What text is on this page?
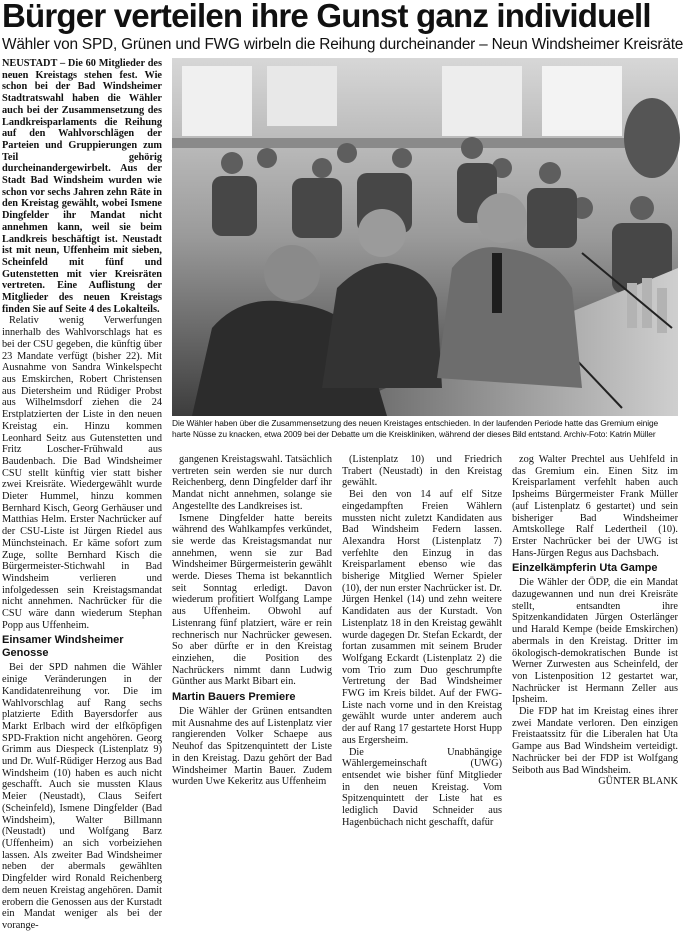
Bürger verteilen ihre Gunst ganz individuell
Wähler von SPD, Grünen und FWG wirbeln die Reihung durcheinander – Neun Windsheimer Kreisräte

NEUSTADT – Die 60 Mitglieder des neuen Kreistags stehen fest. Wie schon bei der Bad Windsheimer Stadtratswahl haben die Wähler auch bei der Zusammensetzung des Landkreisparlaments die Reihung auf den Wahlvorschlägen der Parteien und Gruppierungen zum Teil gehörig durcheinandergewirbelt. Aus der Stadt Bad Windsheim wurden wie schon vor sechs Jahren zehn Räte in den Kreistag gewählt, wobei Ismene Dingfelder ihr Mandat nicht annehmen kann, weil sie beim Landkreis beschäftigt ist. Neustadt ist mit neun, Uffenheim mit sieben, Scheinfeld mit fünf und Gutenstetten mit vier Kreisräten vertreten. Eine Auflistung der Mitglieder des neuen Kreistags finden Sie auf Seite 4 des Lokalteils.

Relativ wenig Verwerfungen innerhalb des Wahlvorschlags hat es bei der CSU gegeben, die künftig über 23 Mandate verfügt (bisher 22). Mit Ausnahme von Sandra Winkelspecht aus Emskirchen, Robert Christensen aus Dietersheim und Rüdiger Probst aus Wilhelmsdorf ziehen die 24 Erstplatzierten der Liste in den neuen Kreistag ein. Hinzu kommen Leonhard Seitz aus Gutenstetten und Fritz Loscher-Frühwald aus Baudenbach. Die Bad Windsheimer CSU stellt künftig vier statt bisher zwei Kreisräte. Wiedergewählt wurde Dieter Hummel, hinzu kommen Bernhard Kisch, Georg Gerhäuser und Matthias Helm. Erster Nachrücker auf der CSU-Liste ist Jürgen Riedel aus Münchsteinach. Er käme sofort zum Zuge, sollte Bernhard Kisch die Bürgermeister-Stichwahl in Bad Windsheim verlieren und infolgedessen sein Kreistagsmandat nicht annehmen. Nachrücker für die CSU wäre dann wiederum Stephan Popp aus Uffenheim.

Einsamer Windsheimer Genosse

Bei der SPD nahmen die Wähler einige Veränderungen in der Kandidatenreihung vor. Die im Wahlvorschlag auf Rang sechs platzierte Edith Bayersdorfer aus Markt Erlbach wird der elfköpfigen SPD-Fraktion nicht angehören. Georg Grimm aus Diespeck (Listenplatz 9) und Dr. Wulf-Rüdiger Herzog aus Bad Windsheim (10) haben es auch nicht geschafft. Auch sie mussten Klaus Meier (Neustadt), Claus Seifert (Scheinfeld), Ismene Dingfelder (Bad Windsheim), Walter Billmann (Neustadt) und Wolfgang Barz (Uffenheim) an sich vorbeiziehen lassen. Als zweiter Bad Windsheimer neben der abermals gewählten Dingfelder wird Ronald Reichenberg dem neuen Kreistag angehören. Damit erobern die Genossen aus der Kurstadt ein Mandat weniger als bei der vorange-

Die Wähler haben über die Zusammensetzung des neuen Kreistages entschieden. In der laufenden Periode hatte das Gremium einige harte Nüsse zu knacken, etwa 2009 bei der Debatte um die Kreiskliniken, während der dieses Bild entstand. Archiv-Foto: Katrin Müller

gangenen Kreistagswahl. Tatsächlich vertreten sein werden sie nur durch Reichenberg, denn Dingfelder darf ihr Mandat nicht annehmen, solange sie Angestellte des Landkreises ist.

Ismene Dingfelder hatte bereits während des Wahlkampfes verkündet, sie werde das Kreistagsmandat nur annehmen, wenn sie zur Bad Windsheimer Bürgermeisterin gewählt werde. Dieses Thema ist bekanntlich seit Sonntag erledigt. Davon wiederum profitiert Wolfgang Lampe aus Uffenheim. Obwohl auf Listenrang fünf platziert, wäre er rein rechnerisch nur Nachrücker gewesen. So aber dürfte er in den Kreistag einziehen, die Position des Nachrückers nimmt dann Ludwig Günther aus Markt Bibart ein.

Martin Bauers Premiere

Die Wähler der Grünen entsandten mit Ausnahme des auf Listenplatz vier rangierenden Volker Schaepe aus Neuhof das Spitzenquintett der Liste in den Kreistag. Dazu gehört der Bad Windsheimer Martin Bauer. Zudem wurden Uwe Kekeritz aus Uffenheim

(Listenplatz 10) und Friedrich Trabert (Neustadt) in den Kreistag gewählt.

Bei den von 14 auf elf Sitze eingedampften Freien Wählern mussten nicht zuletzt Kandidaten aus Bad Windsheim Federn lassen. Alexandra Horst (Listenplatz 7) verfehlte den Einzug in das Kreisparlament ebenso wie das bisherige Mitglied Werner Spieler (10), der nun erster Nachrücker ist. Dr. Jürgen Henkel (14) und zehn weitere Kandidaten aus der Kurstadt. Von Listenplatz 18 in den Kreistag gewählt wurde dagegen Dr. Stefan Eckardt, der fortan zusammen mit seinem Bruder Wolfgang Eckardt (Listenplatz 2) die vom Trio zum Duo geschrumpfte Vertretung der Bad Windsheimer FWG im Kreis bildet. Auf der FWG-Liste nach vorne und in den Kreistag gewählt wurde unter anderem auch der auf Rang 17 gestartete Horst Hupp aus Ergersheim.

Die Unabhängige Wählergemeinschaft (UWG) entsendet wie bisher fünf Mitglieder in den neuen Kreistag. Vom Spitzenquintett der Liste hat es lediglich David Schneider aus Hagenbüchach nicht geschafft, dafür

zog Walter Prechtel aus Uehlfeld in das Gremium ein. Einen Sitz im Kreisparlament verfehlt haben auch Ipsheims Bürgermeister Frank Müller (auf Listenplatz 6 gestartet) und sein bisheriger Bad Windsheimer Amtskollege Ralf Ledertheil (10). Erster Nachrücker bei der UWG ist Hans-Jürgen Regus aus Dachsbach.

Einzelkämpferin Uta Gampe

Die Wähler der ÖDP, die ein Mandat dazugewannen und nun drei Kreisräte stellt, entsandten ihre Spitzenkandidaten Jürgen Osterlänger und Harald Kempe (beide Emskirchen) abermals in den Kreistag. Dritter im ökologisch-demokratischen Bunde ist Werner Zurwesten aus Scheinfeld, der von Listenposition 12 gestartet war, Nachrücker ist Hermann Zeller aus Ipsheim.

Die FDP hat im Kreistag eines ihrer zwei Mandate verloren. Den einzigen Freistaatssitz für die Liberalen hat Uta Gampe aus Bad Windsheim verteidigt. Nachrücker bei der FDP ist Wolfgang Seiboth aus Bad Windsheim.

GÜNTER BLANK
